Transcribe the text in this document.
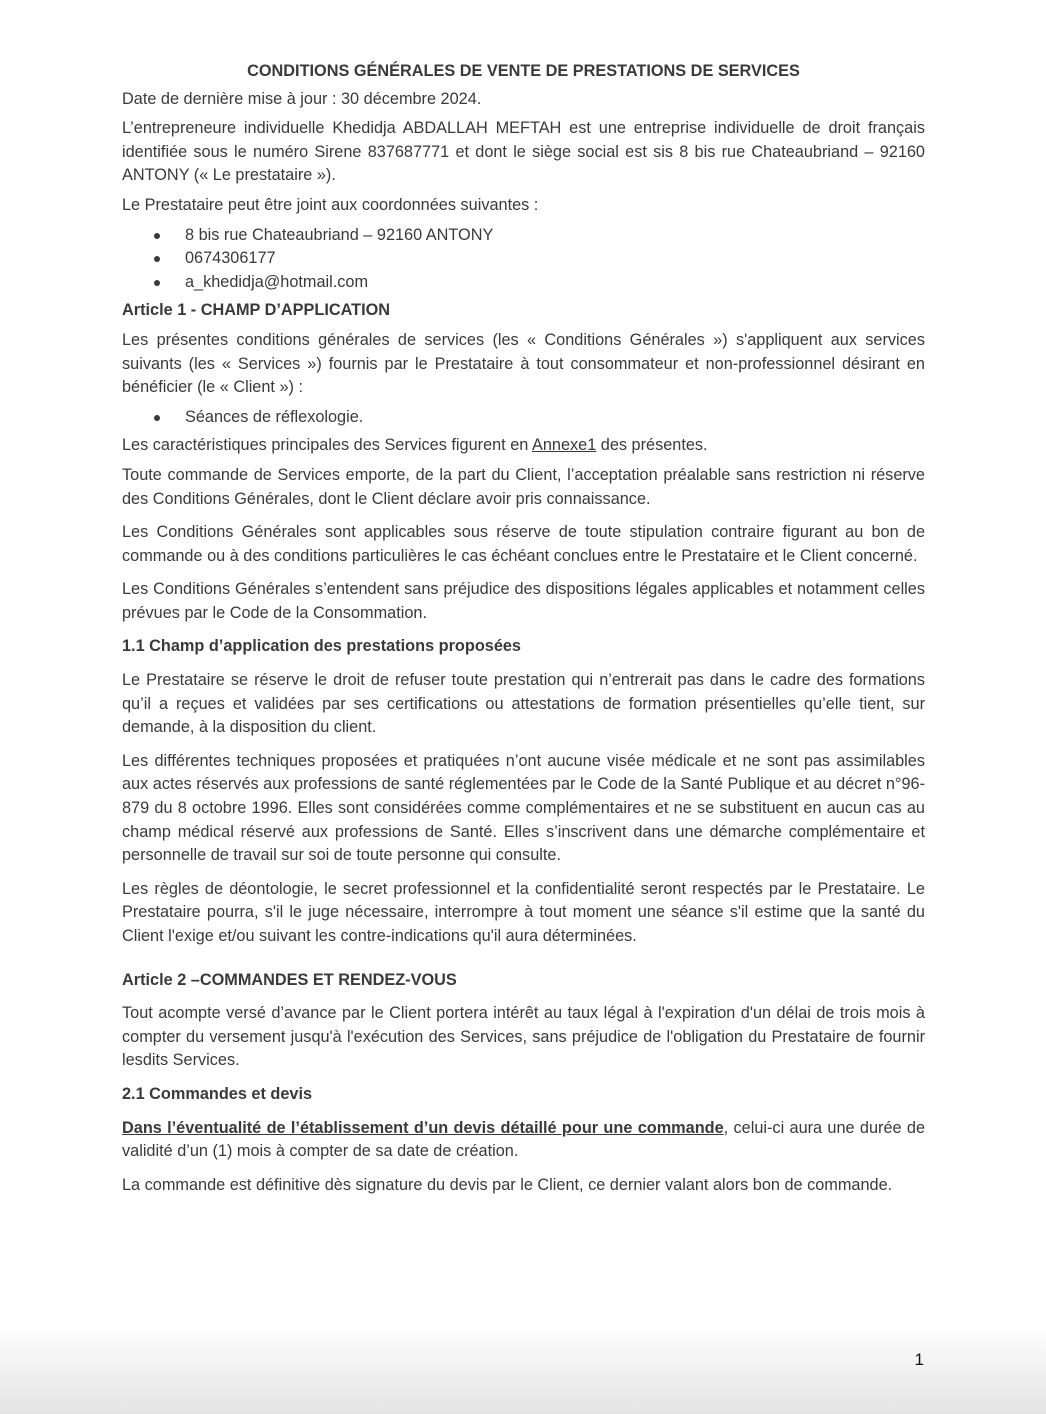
CONDITIONS GÉNÉRALES DE VENTE DE PRESTATIONS DE SERVICES

Date de dernière mise à jour : 30 décembre 2024.

L’entrepreneure individuelle Khedidja ABDALLAH MEFTAH est une entreprise individuelle de droit français identifiée sous le numéro Sirene 837687771 et dont le siège social est sis 8 bis rue Chateaubriand – 92160 ANTONY (« Le prestataire »).

Le Prestataire peut être joint aux coordonnées suivantes :

8 bis rue Chateaubriand – 92160 ANTONY
0674306177
a_khedidja@hotmail.com
Article 1 - CHAMP D’APPLICATION

Les présentes conditions générales de services (les « Conditions Générales ») s'appliquent aux services suivants (les « Services ») fournis par le Prestataire à tout consommateur et non-professionnel désirant en bénéficier (le « Client ») :

Séances de réflexologie.

Les caractéristiques principales des Services figurent en Annexe1 des présentes.

Toute commande de Services emporte, de la part du Client, l’acceptation préalable sans restriction ni réserve des Conditions Générales, dont le Client déclare avoir pris connaissance.

Les Conditions Générales sont applicables sous réserve de toute stipulation contraire figurant au bon de commande ou à des conditions particulières le cas échéant conclues entre le Prestataire et le Client concerné.

Les Conditions Générales s’entendent sans préjudice des dispositions légales applicables et notamment celles prévues par le Code de la Consommation.

1.1 Champ d’application des prestations proposées

Le Prestataire se réserve le droit de refuser toute prestation qui n’entrerait pas dans le cadre des formations qu’il a reçues et validées par ses certifications ou attestations de formation présentielles qu’elle tient, sur demande, à la disposition du client.

Les différentes techniques proposées et pratiquées n’ont aucune visée médicale et ne sont pas assimilables aux actes réservés aux professions de santé réglementées par le Code de la Santé Publique et au décret n°96-879 du 8 octobre 1996. Elles sont considérées comme complémentaires et ne se substituent en aucun cas au champ médical réservé aux professions de Santé. Elles s’inscrivent dans une démarche complémentaire et personnelle de travail sur soi de toute personne qui consulte.

Les règles de déontologie, le secret professionnel et la confidentialité seront respectés par le Prestataire. Le Prestataire pourra, s'il le juge nécessaire, interrompre à tout moment une séance s'il estime que la santé du Client l'exige et/ou suivant les contre-indications qu'il aura déterminées.

Article 2 –COMMANDES ET RENDEZ-VOUS

Tout acompte versé d’avance par le Client portera intérêt au taux légal à l'expiration d'un délai de trois mois à compter du versement jusqu'à l'exécution des Services, sans préjudice de l'obligation du Prestataire de fournir lesdits Services.

2.1 Commandes et devis

Dans l’éventualité de l’établissement d’un devis détaillé pour une commande, celui-ci aura une durée de validité d’un (1) mois à compter de sa date de création.

La commande est définitive dès signature du devis par le Client, ce dernier valant alors bon de commande.

1
